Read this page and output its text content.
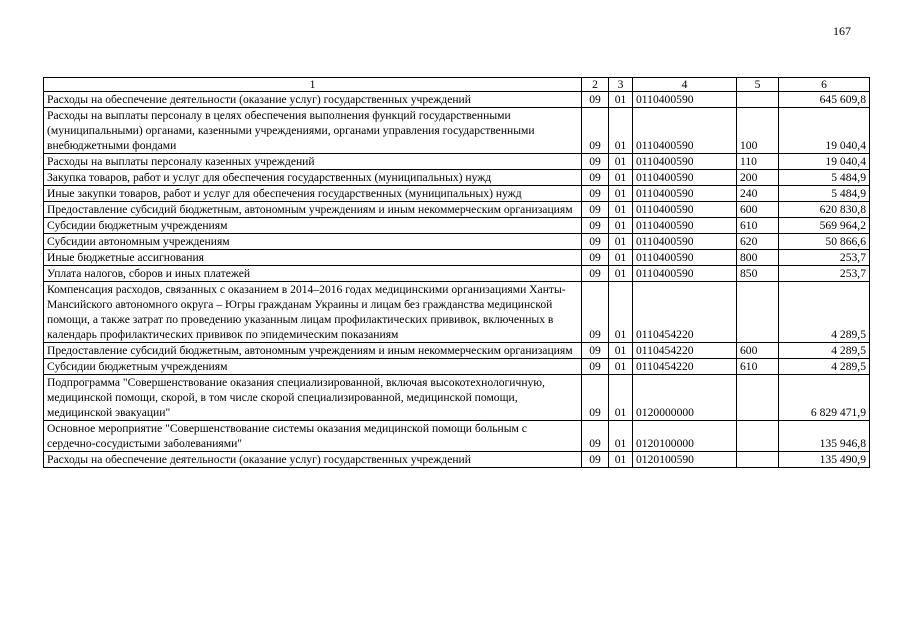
167
1	2	3	4	5	6
Расходы на обеспечение деятельности (оказание услуг) государственных учреждений	09	01	0110400590		645 609,8
Расходы на выплаты персоналу в целях обеспечения выполнения функций государственными (муниципальными) органами, казенными учреждениями, органами управления государственными внебюджетными фондами	09	01	0110400590	100	19 040,4
Расходы на выплаты персоналу казенных учреждений	09	01	0110400590	110	19 040,4
Закупка товаров, работ и услуг для обеспечения государственных (муниципальных) нужд	09	01	0110400590	200	5 484,9
Иные закупки товаров, работ и услуг для обеспечения государственных (муниципальных) нужд	09	01	0110400590	240	5 484,9
Предоставление субсидий бюджетным, автономным учреждениям и иным некоммерческим организациям	09	01	0110400590	600	620 830,8
Субсидии бюджетным учреждениям	09	01	0110400590	610	569 964,2
Субсидии автономным учреждениям	09	01	0110400590	620	50 866,6
Иные бюджетные ассигнования	09	01	0110400590	800	253,7
Уплата налогов, сборов и иных платежей	09	01	0110400590	850	253,7
Компенсация расходов, связанных с оказанием в 2014–2016 годах медицинскими организациями Ханты-Мансийского автономного округа – Югры гражданам Украины и лицам без гражданства медицинской помощи, а также затрат по проведению указанным лицам профилактических прививок, включенных в календарь профилактических прививок по эпидемическим показаниям	09	01	0110454220		4 289,5
Предоставление субсидий бюджетным, автономным учреждениям и иным некоммерческим организациям	09	01	0110454220	600	4 289,5
Субсидии бюджетным учреждениям	09	01	0110454220	610	4 289,5
Подпрограмма "Совершенствование оказания специализированной, включая высокотехнологичную, медицинской помощи, скорой, в том числе скорой специализированной, медицинской помощи, медицинской эвакуации"	09	01	0120000000		6 829 471,9
Основное мероприятие "Совершенствование системы оказания медицинской помощи больным с сердечно-сосудистыми заболеваниями"	09	01	0120100000		135 946,8
Расходы на обеспечение деятельности (оказание услуг) государственных учреждений	09	01	0120100590		135 490,9
